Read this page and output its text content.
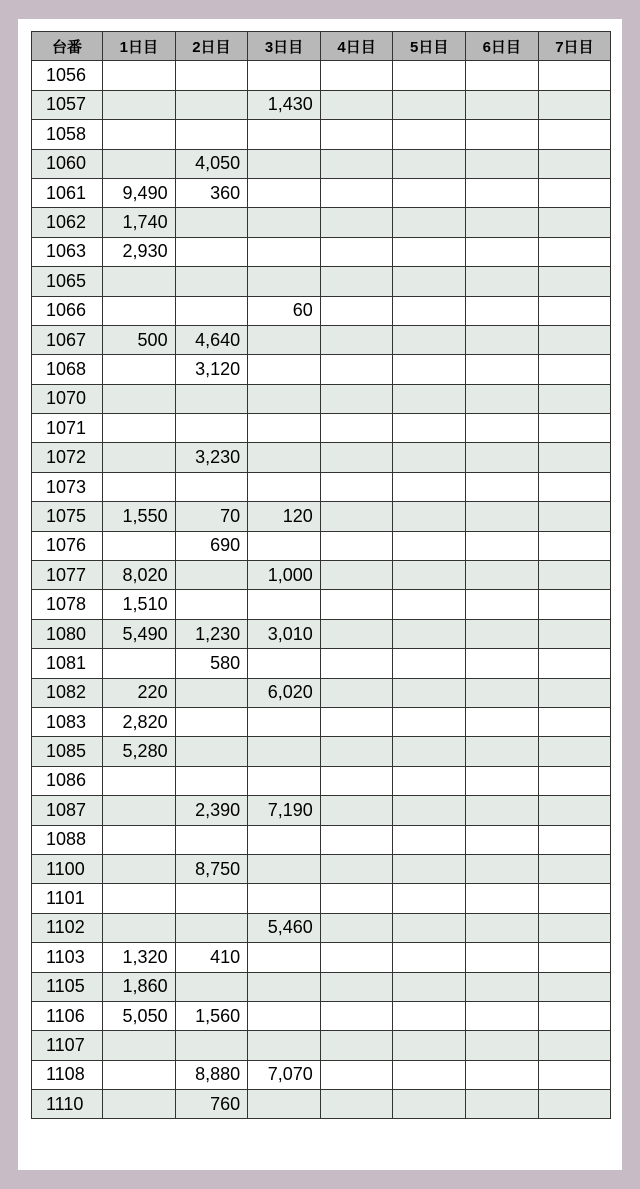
台番	1日目	2日目	3日目	4日目	5日目	6日目	7日目
1056							
1057			1,430				
1058							
1060		4,050					
1061	9,490	360					
1062	1,740						
1063	2,930						
1065							
1066			60				
1067	500	4,640					
1068		3,120					
1070							
1071							
1072		3,230					
1073							
1075	1,550	70	120				
1076		690					
1077	8,020		1,000				
1078	1,510						
1080	5,490	1,230	3,010				
1081		580					
1082	220		6,020				
1083	2,820						
1085	5,280						
1086							
1087		2,390	7,190				
1088							
1100		8,750					
1101							
1102			5,460				
1103	1,320	410					
1105	1,860						
1106	5,050	1,560					
1107							
1108		8,880	7,070				
1110		760					
